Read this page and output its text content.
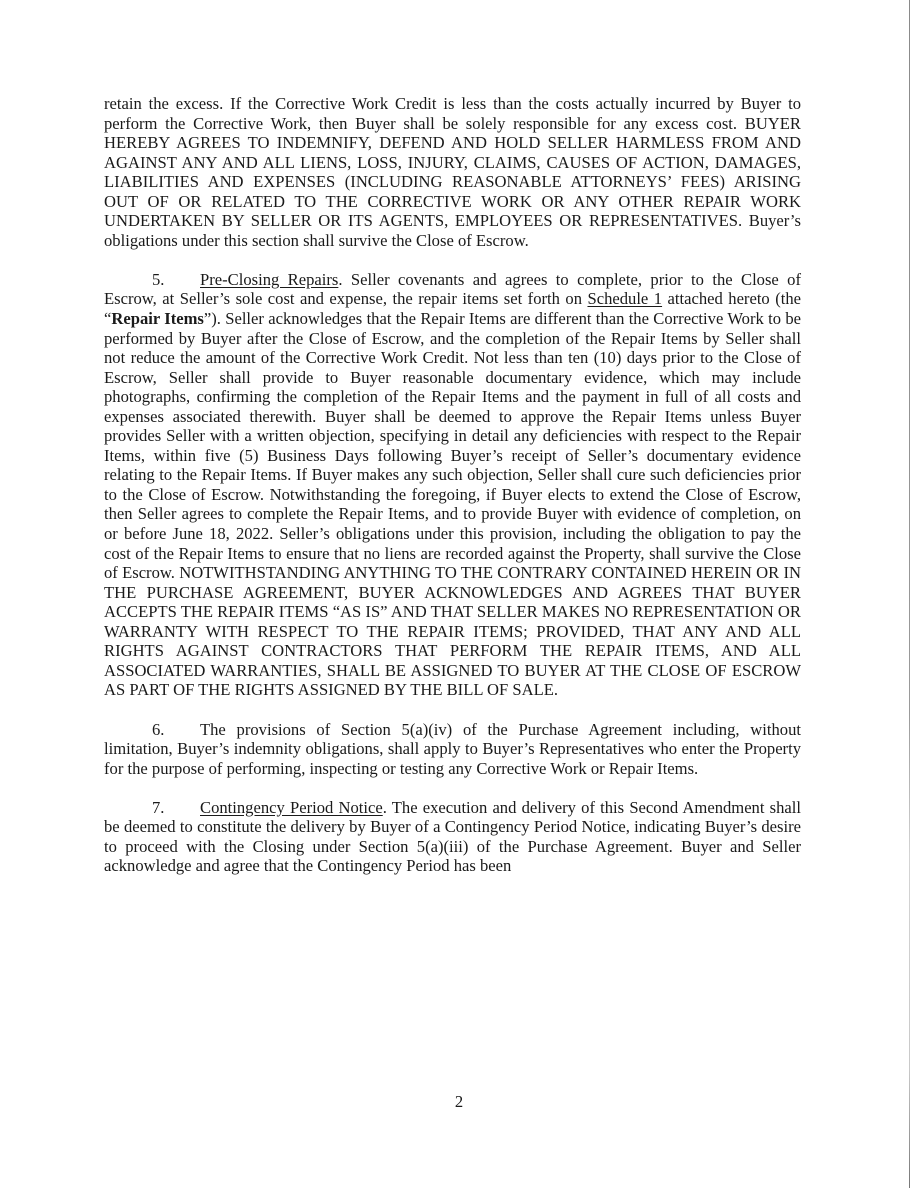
retain the excess. If the Corrective Work Credit is less than the costs actually incurred by Buyer to perform the Corrective Work, then Buyer shall be solely responsible for any excess cost. BUYER HEREBY AGREES TO INDEMNIFY, DEFEND AND HOLD SELLER HARMLESS FROM AND AGAINST ANY AND ALL LIENS, LOSS, INJURY, CLAIMS, CAUSES OF ACTION, DAMAGES, LIABILITIES AND EXPENSES (INCLUDING REASONABLE ATTORNEYS’ FEES) ARISING OUT OF OR RELATED TO THE CORRECTIVE WORK OR ANY OTHER REPAIR WORK UNDERTAKEN BY SELLER OR ITS AGENTS, EMPLOYEES OR REPRESENTATIVES. Buyer’s obligations under this section shall survive the Close of Escrow.

5. Pre-Closing Repairs. Seller covenants and agrees to complete, prior to the Close of Escrow, at Seller’s sole cost and expense, the repair items set forth on Schedule 1 attached hereto (the “Repair Items”). Seller acknowledges that the Repair Items are different than the Corrective Work to be performed by Buyer after the Close of Escrow, and the completion of the Repair Items by Seller shall not reduce the amount of the Corrective Work Credit. Not less than ten (10) days prior to the Close of Escrow, Seller shall provide to Buyer reasonable documentary evidence, which may include photographs, confirming the completion of the Repair Items and the payment in full of all costs and expenses associated therewith. Buyer shall be deemed to approve the Repair Items unless Buyer provides Seller with a written objection, specifying in detail any deficiencies with respect to the Repair Items, within five (5) Business Days following Buyer’s receipt of Seller’s documentary evidence relating to the Repair Items. If Buyer makes any such objection, Seller shall cure such deficiencies prior to the Close of Escrow. Notwithstanding the foregoing, if Buyer elects to extend the Close of Escrow, then Seller agrees to complete the Repair Items, and to provide Buyer with evidence of completion, on or before June 18, 2022. Seller’s obligations under this provision, including the obligation to pay the cost of the Repair Items to ensure that no liens are recorded against the Property, shall survive the Close of Escrow. NOTWITHSTANDING ANYTHING TO THE CONTRARY CONTAINED HEREIN OR IN THE PURCHASE AGREEMENT, BUYER ACKNOWLEDGES AND AGREES THAT BUYER ACCEPTS THE REPAIR ITEMS “AS IS” AND THAT SELLER MAKES NO REPRESENTATION OR WARRANTY WITH RESPECT TO THE REPAIR ITEMS; PROVIDED, THAT ANY AND ALL RIGHTS AGAINST CONTRACTORS THAT PERFORM THE REPAIR ITEMS, AND ALL ASSOCIATED WARRANTIES, SHALL BE ASSIGNED TO BUYER AT THE CLOSE OF ESCROW AS PART OF THE RIGHTS ASSIGNED BY THE BILL OF SALE.

6. The provisions of Section 5(a)(iv) of the Purchase Agreement including, without limitation, Buyer’s indemnity obligations, shall apply to Buyer’s Representatives who enter the Property for the purpose of performing, inspecting or testing any Corrective Work or Repair Items.

7. Contingency Period Notice. The execution and delivery of this Second Amendment shall be deemed to constitute the delivery by Buyer of a Contingency Period Notice, indicating Buyer’s desire to proceed with the Closing under Section 5(a)(iii) of the Purchase Agreement. Buyer and Seller acknowledge and agree that the Contingency Period has been

2
